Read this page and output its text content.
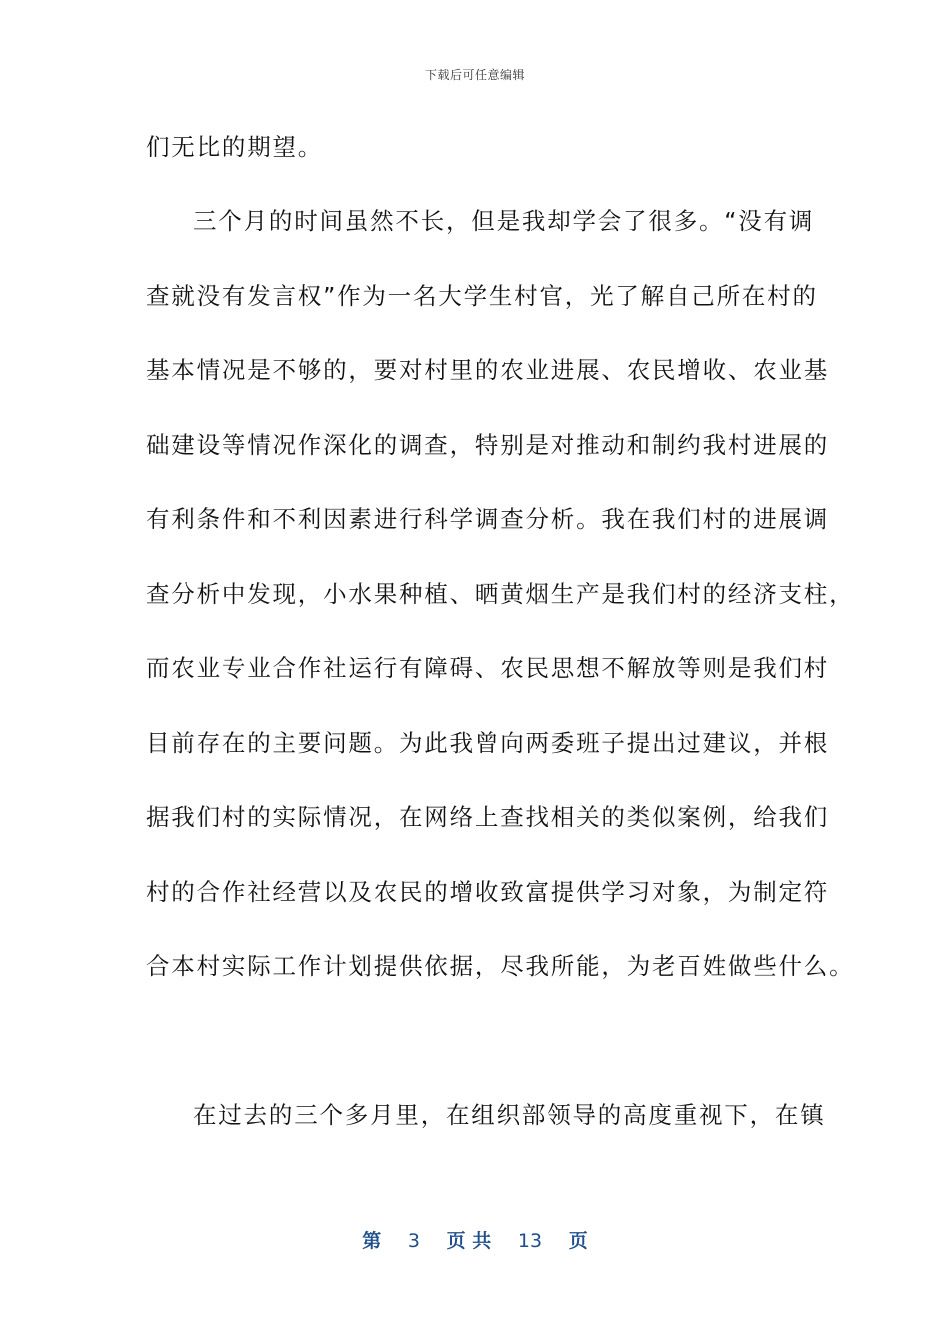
下载后可任意编辑
们无比的期望。
三个月的时间虽然不长，但是我却学会了很多。“没有调
查就没有发言权”作为一名大学生村官，光了解自己所在村的
基本情况是不够的，要对村里的农业进展、农民增收、农业基
础建设等情况作深化的调查，特别是对推动和制约我村进展的
有利条件和不利因素进行科学调查分析。我在我们村的进展调
查分析中发现，小水果种植、晒黄烟生产是我们村的经济支柱，
而农业专业合作社运行有障碍、农民思想不解放等则是我们村
目前存在的主要问题。为此我曾向两委班子提出过建议，并根
据我们村的实际情况，在网络上查找相关的类似案例，给我们
村的合作社经营以及农民的增收致富提供学习对象，为制定符
合本村实际工作计划提供依据，尽我所能，为老百姓做些什么。
在过去的三个多月里，在组织部领导的高度重视下，在镇
第 3 页 共 13 页
